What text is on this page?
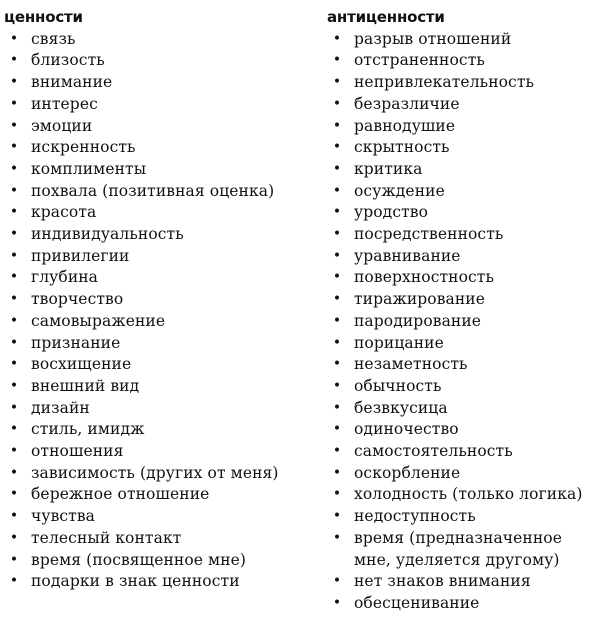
ценности
• связь
• близость
• внимание
• интерес
• эмоции
• искренность
• комплименты
• похвала (позитивная оценка)
• красота
• индивидуальность
• привилегии
• глубина
• творчество
• самовыражение
• признание
• восхищение
• внешний вид
• дизайн
• стиль, имидж
• отношения
• зависимость (других от меня)
• бережное отношение
• чувства
• телесный контакт
• время (посвященное мне)
• подарки в знак ценности
антиценности
• разрыв отношений
• отстраненность
• непривлекательность
• безразличие
• равнодушие
• скрытность
• критика
• осуждение
• уродство
• посредственность
• уравнивание
• поверхностность
• тиражирование
• пародирование
• порицание
• незаметность
• обычность
• безвкусица
• одиночество
• самостоятельность
• оскорбление
• холодность (только логика)
• недоступность
• время (предназначенное
мне, уделяется другому)
• нет знаков внимания
• обесценивание
